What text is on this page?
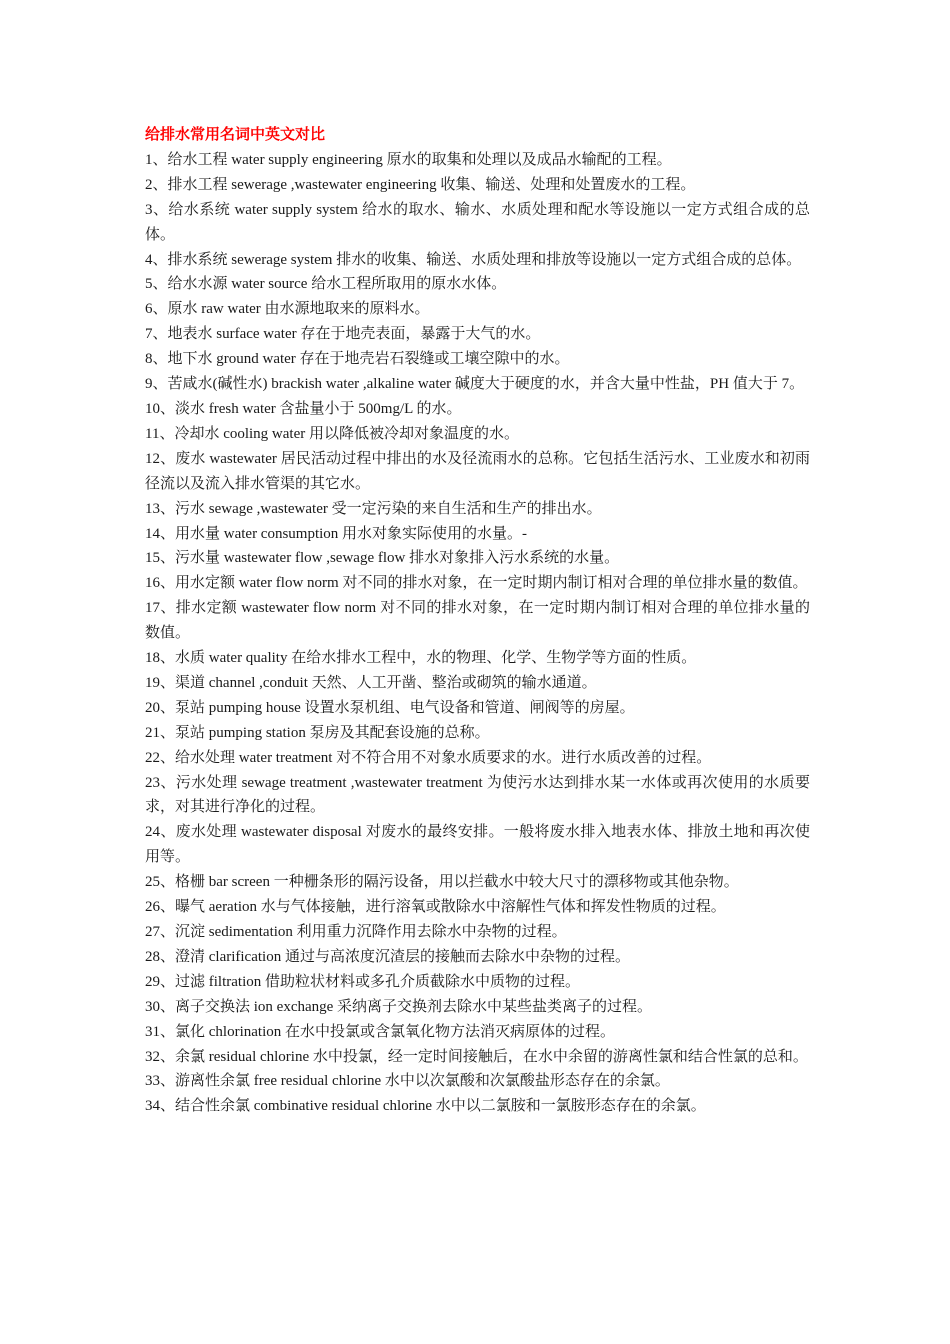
给排水常用名词中英文对比

1、给水工程 water supply engineering 原水的取集和处理以及成品水输配的工程。

2、排水工程 sewerage ,wastewater engineering 收集、输送、处理和处置废水的工程。

3、给水系统 water supply system 给水的取水、输水、水质处理和配水等设施以一定方式组合成的总体。

4、排水系统 sewerage system 排水的收集、输送、水质处理和排放等设施以一定方式组合成的总体。

5、给水水源 water source 给水工程所取用的原水水体。

6、原水 raw water 由水源地取来的原料水。

7、地表水 surface water 存在于地壳表面，暴露于大气的水。

8、地下水 ground water 存在于地壳岩石裂缝或工壤空隙中的水。

9、苦咸水(碱性水) brackish water ,alkaline water 碱度大于硬度的水，并含大量中性盐，PH 值大于 7。

10、淡水 fresh water 含盐量小于 500mg/L 的水。

11、冷却水 cooling water 用以降低被冷却对象温度的水。

12、废水 wastewater 居民活动过程中排出的水及径流雨水的总称。它包括生活污水、工业废水和初雨径流以及流入排水管渠的其它水。

13、污水 sewage ,wastewater 受一定污染的来自生活和生产的排出水。

14、用水量 water consumption 用水对象实际使用的水量。-

15、污水量 wastewater flow ,sewage flow 排水对象排入污水系统的水量。

16、用水定额 water flow norm 对不同的排水对象，在一定时期内制订相对合理的单位排水量的数值。

17、排水定额 wastewater flow norm 对不同的排水对象，在一定时期内制订相对合理的单位排水量的数值。

18、水质 water quality 在给水排水工程中，水的物理、化学、生物学等方面的性质。

19、渠道 channel ,conduit 天然、人工开凿、整治或砌筑的输水通道。

20、泵站 pumping house 设置水泵机组、电气设备和管道、闸阀等的房屋。

21、泵站 pumping station 泵房及其配套设施的总称。

22、给水处理 water treatment 对不符合用不对象水质要求的水。进行水质改善的过程。

23、污水处理 sewage treatment ,wastewater treatment 为使污水达到排水某一水体或再次使用的水质要求，对其进行净化的过程。

24、废水处理 wastewater disposal 对废水的最终安排。一般将废水排入地表水体、排放土地和再次使用等。

25、格栅 bar screen 一种栅条形的隔污设备，用以拦截水中较大尺寸的漂移物或其他杂物。

26、曝气 aeration 水与气体接触，进行溶氧或散除水中溶解性气体和挥发性物质的过程。

27、沉淀 sedimentation 利用重力沉降作用去除水中杂物的过程。

28、澄清 clarification 通过与高浓度沉渣层的接触而去除水中杂物的过程。

29、过滤 filtration 借助粒状材料或多孔介质截除水中质物的过程。

30、离子交换法 ion exchange 采纳离子交换剂去除水中某些盐类离子的过程。

31、氯化 chlorination 在水中投氯或含氯氧化物方法消灭病原体的过程。

32、余氯 residual chlorine 水中投氯，经一定时间接触后，在水中余留的游离性氯和结合性氯的总和。

33、游离性余氯 free residual chlorine 水中以次氯酸和次氯酸盐形态存在的余氯。

34、结合性余氯 combinative residual chlorine 水中以二氯胺和一氯胺形态存在的余氯。
